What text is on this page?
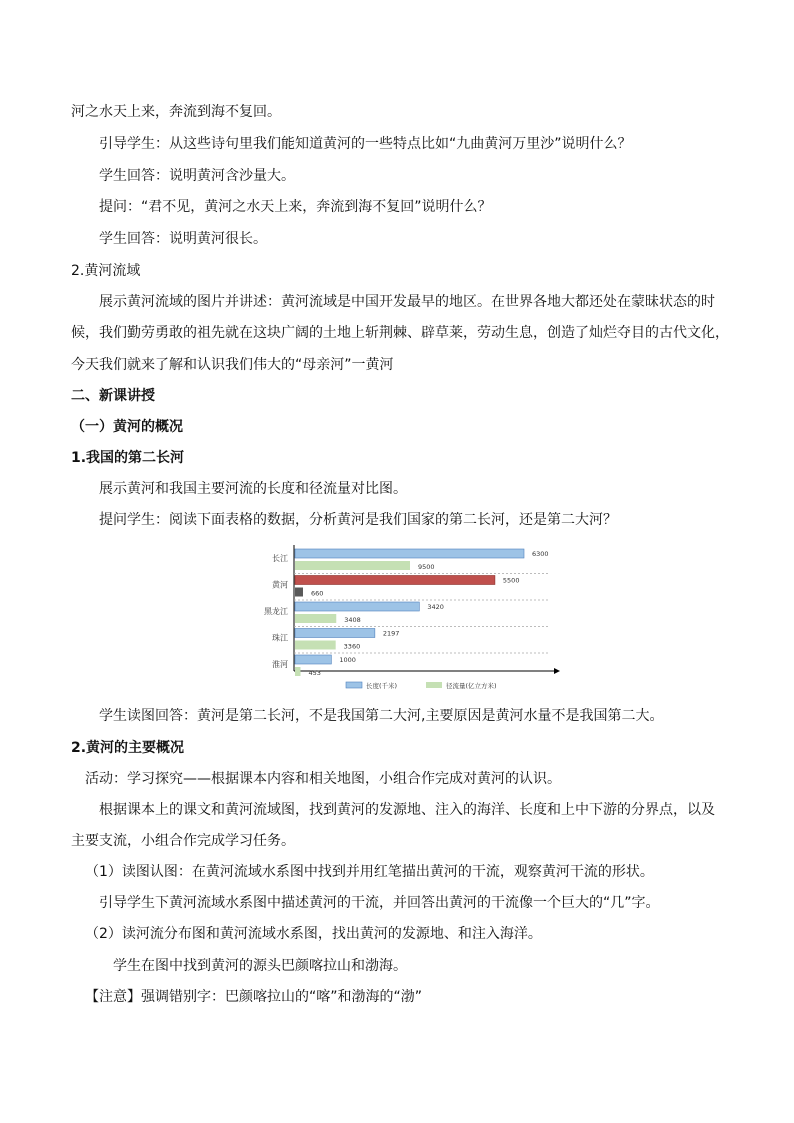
河之水天上来，奔流到海不复回。
引导学生：从这些诗句里我们能知道黄河的一些特点比如“九曲黄河万里沙”说明什么？
学生回答：说明黄河含沙量大。
提问：“君不见，黄河之水天上来，奔流到海不复回”说明什么？
学生回答：说明黄河很长。
2.黄河流域
展示黄河流域的图片并讲述：黄河流域是中国开发最早的地区。在世界各地大都还处在蒙昧状态的时
候，我们勤劳勇敢的祖先就在这块广阔的土地上斩荆棘、辟草莱，劳动生息，创造了灿烂夺目的古代文化，
今天我们就来了解和认识我们伟大的“母亲河”一黄河
二、新课讲授
（一）黄河的概况
1.我国的第二长河
展示黄河和我国主要河流的长度和径流量对比图。
提问学生：阅读下面表格的数据，分析黄河是我们国家的第二长河，还是第二大河？
长江	6300
9500
黄河	5500
660
黑龙江	3420
3408
珠江	2197
3360
淮河	1000
453
长度(千米)	径流量(亿立方米)
学生读图回答：黄河是第二长河，不是我国第二大河,主要原因是黄河水量不是我国第二大。
2.黄河的主要概况
活动：学习探究——根据课本内容和相关地图，小组合作完成对黄河的认识。
根据课本上的课文和黄河流域图，找到黄河的发源地、注入的海洋、长度和上中下游的分界点，以及
主要支流，小组合作完成学习任务。
（1）读图认图：在黄河流域水系图中找到并用红笔描出黄河的干流，观察黄河干流的形状。
引导学生下黄河流域水系图中描述黄河的干流，并回答出黄河的干流像一个巨大的“几”字。
（2）读河流分布图和黄河流域水系图，找出黄河的发源地、和注入海洋。
学生在图中找到黄河的源头巴颜喀拉山和渤海。
【注意】强调错别字：巴颜喀拉山的“喀”和渤海的“渤”
